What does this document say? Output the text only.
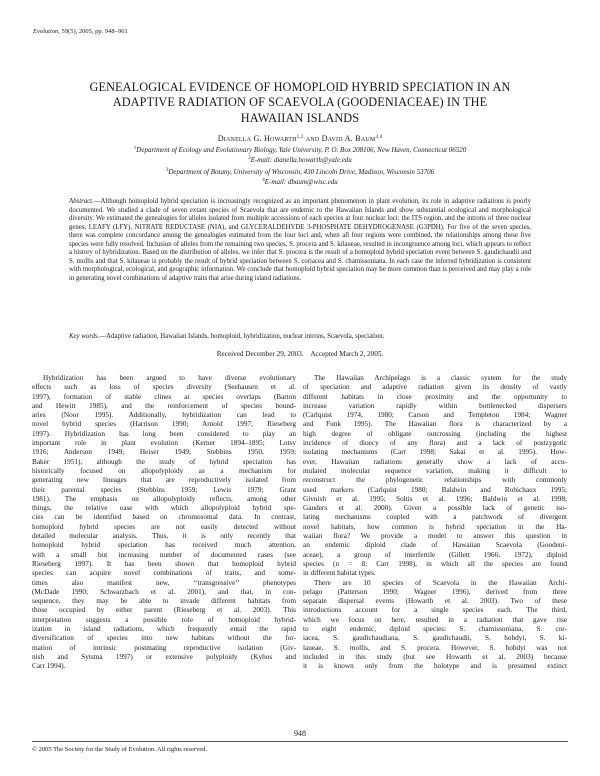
Evolution, 59(5), 2005, pp. 948–961
GENEALOGICAL EVIDENCE OF HOMOPLOID HYBRID SPECIATION IN AN
ADAPTIVE RADIATION OF SCAEVOLA (GOODENIACEAE) IN THE
HAWAIIAN ISLANDS
Dianella G. Howarth$^{1,2}$ and David A. Baum$^{3,4}$
$^1$Department of Ecology and Evolutionary Biology, Yale University, P. O. Box 208106, New Haven, Connecticut 06520
$^2$E-mail: dianella.howarth@yale.edu
$^3$Department of Botany, University of Wisconsin, 430 Lincoln Drive, Madison, Wisconsin 53706
$^4$E-mail: dbaum@wisc.edu
Abstract.—Although homoploid hybrid speciation is increasingly recognized as an important phenomenon in plant evolution, its role in adaptive radiations is poorly documented. We studied a clade of seven extant species of Scaevola that are endemic to the Hawaiian Islands and show substantial ecological and morphological diversity. We estimated the genealogies for alleles isolated from multiple accessions of each species at four nuclear loci: the ITS region, and the introns of three nuclear genes, LEAFY (LFY), NITRATE REDUCTASE (NIA), and GLYCERALDEHYDE 3-PHOSPHATE DEHYDROGENASE (G3PDH). For five of the seven species, there was complete concordance among the genealogies estimated from the four loci and, when all four regions were combined, the relationships among these five species were fully resolved. Inclusion of alleles from the remaining two species, S. procera and S. kilaueae, resulted in incongruence among loci, which appears to reflect a history of hybridization. Based on the distribution of alleles, we infer that S. procera is the result of a homoploid hybrid speciation event between S. gaudichaudii and S. mollis and that S. kilaueae is probably the result of hybrid speciation between S. coriacea and S. chamissoniana. In each case the inferred hybridization is consistent with morphological, ecological, and geographic information. We conclude that homoploid hybrid speciation may be more common than is perceived and may play a role in generating novel combinations of adaptive traits that arise during island radiations.
Key words.—Adaptive radiation, Hawaiian Islands, homoploid, hybridization, nuclear introns, Scaevola, speciation.
Received December 29, 2003.    Accepted March 2, 2005.
Hybridization has been argued to have diverse evolutionary
effects such as loss of species diversity (Seehausen et al.
1997), formation of stable clines at species overlaps (Barton
and Hewitt 1985), and the reinforcement of species bound-
aries (Noor 1995). Additionally, hybridization can lead to
novel hybrid species (Harrison 1990; Arnold 1997; Rieseberg
1997). Hybridization has long been considered to play an
important role in plant evolution (Kerner 1894–1895; Lotsy
1916; Anderson 1949; Heiser 1949; Stebbins 1950, 1959;
Baker 1951), although the study of hybrid speciation has
historically focused on allopolyploidy as a mechanism for
generating new lineages that are reproductively isolated from
their parental species (Stebbins 1959; Lewis 1979; Grant
1981). The emphasis on allopolyploidy reflects, among other
things, the relative ease with which allopolyploid hybrid spe-
cies can be identified based on chromosomal data. In contrast,
homoploid hybrid species are not easily detected without
detailed molecular analysis. Thus, it is only recently that
homoploid hybrid speciation has received much attention,
with a small but increasing number of documented cases (see
Rieseberg 1997). It has been shown that homoploid hybrid
species can acquire novel combinations of traits, and some-
times also manifest new, ‘‘transgressive’’ phenotypes
(McDade 1990; Schwarzbach et al. 2001), and that, in con-
sequence, they may be able to invade different habitats from
those occupied by either parent (Rieseberg et al. 2003). This
interpretation suggests a possible role of homoploid hybrid-
ization in island radiations, which frequently entail the rapid
diversification of species into new habitats without the for-
mation of intrinsic postmating reproductive isolation (Giv-
nish and Sytsma 1997) or extensive polyploidy (Kyhos and
Carr 1994).
The Hawaiian Archipelago is a classic system for the study
of speciation and adaptive radiation given its density of vastly
different habitats in close proximity and the opportunity to
increase variation rapidly within bottlenecked dispersers
(Carlquist 1974, 1980; Carson and Templeton 1984; Wagner
and Funk 1995). The Hawaiian flora is characterized by a
high degree of obligate outcrossing (including the highest
incidence of dioecy of any flora) and a lack of postzygotic
isolating mechanisms (Carr 1998; Sakai et al. 1995). How-
ever, Hawaiian radiations generally show a lack of accu-
mulated molecular sequence variation, making it difficult to
reconstruct the phylogenetic relationships with commonly
used markers (Carlquist 1980; Baldwin and Robichaux 1995;
Givnish et al. 1995; Soltis et al. 1996; Baldwin et al. 1998;
Ganders et al. 2000). Given a possible lack of genetic iso-
lating mechanisms coupled with a patchwork of divergent
novel habitats, how common is hybrid speciation in the Ha-
waiian flora? We provide a model to answer this question in
an endemic diploid clade of Hawaiian Scaevola (Goodeni-
aceae), a group of interfertile (Gillett 1966; 1972), diploid
species (n = 8; Carr 1998), in which all the species are found
in different habitat types.
There are 10 species of Scaevola in the Hawaiian Archi-
pelago (Patterson 1990; Wagner 1996), derived from three
separate dispersal events (Howarth et al. 2003). Two of these
introductions account for a single species each. The third,
which we focus on here, resulted in a radiation that gave rise
to eight endemic, diploid species: S. chamissoniana, S. cor-
iacea, S. gaudichaudiana, S. gaudichaudii, S. hobdyi, S. ki-
laueae, S. mollis, and S. procera. However, S. hobdyi was not
included in this study (but see Howarth et al. 2003) because
it is known only from the holotype and is presumed extinct
948
© 2005 The Society for the Study of Evolution. All rights reserved.
